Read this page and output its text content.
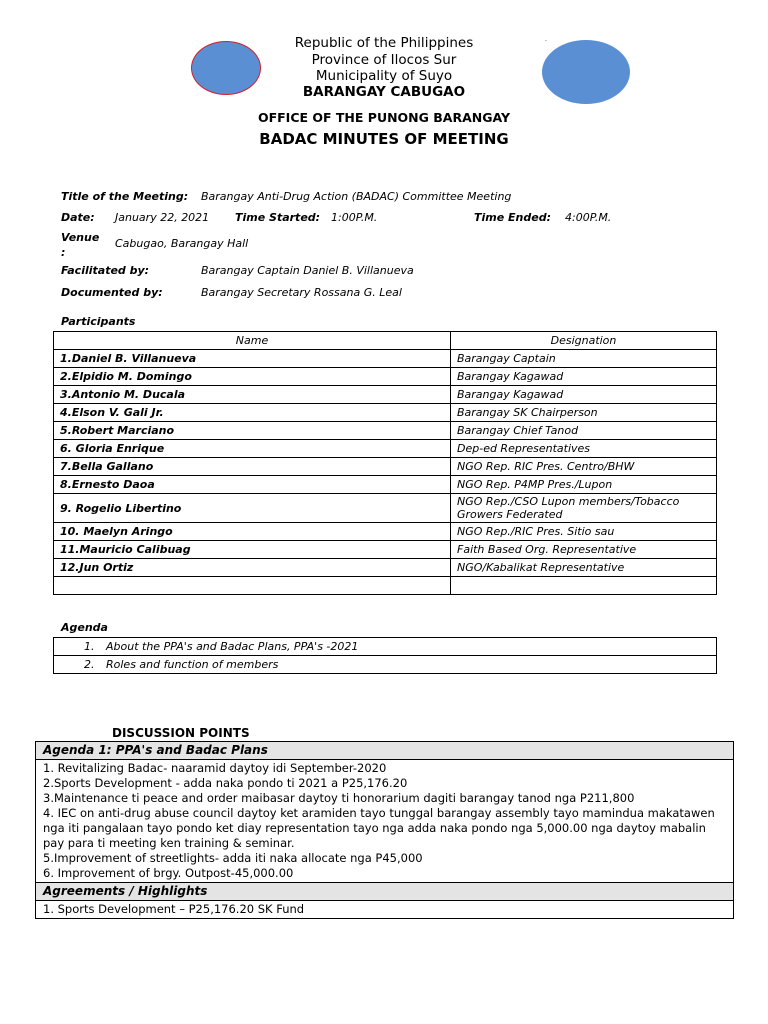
.
Republic of the Philippines
Province of Ilocos Sur
Municipality of Suyo
BARANGAY CABUGAO
OFFICE OF THE PUNONG BARANGAY
BADAC MINUTES OF MEETING
Title of the Meeting: Barangay Anti-Drug Action (BADAC) Committee Meeting
Date: January 22, 2021 Time Started: 1:00P.M.	Time Ended: 4:00P.M.
Venue
:
Cabugao, Barangay Hall
Facilitated by:	Barangay Captain Daniel B. Villanueva
Documented by:	Barangay Secretary Rossana G. Leal
Participants
Name	Designation
1.Daniel B. Villanueva	Barangay Captain
2.Elpidio M. Domingo	Barangay Kagawad
3.Antonio M. Ducala	Barangay Kagawad
4.Elson V. Gali Jr.	Barangay SK Chairperson
5.Robert Marciano	Barangay Chief Tanod
6. Gloria Enrique	Dep-ed Representatives
7.Bella Gallano	NGO Rep. RIC Pres. Centro/BHW
8.Ernesto Daoa	NGO Rep. P4MP Pres./Lupon
9. Rogelio Libertino	NGO Rep./CSO Lupon members/Tobacco Growers Federated
10. Maelyn Aringo	NGO Rep./RIC Pres. Sitio sau
11.Mauricio Calibuag	Faith Based Org. Representative
12.Jun Ortiz	NGO/Kabalikat Representative

Agenda
1. About the PPA's and Badac Plans, PPA's -2021
2. Roles and function of members
DISCUSSION POINTS
Agenda 1: PPA's and Badac Plans
1. Revitalizing Badac- naaramid daytoy idi September-2020
2.Sports Development - adda naka pondo ti 2021 a P25,176.20
3.Maintenance ti peace and order maibasar daytoy ti honorarium dagiti barangay tanod nga P211,800
4. IEC on anti-drug abuse council daytoy ket aramiden tayo tunggal barangay assembly tayo mamindua makatawen nga iti pangalaan tayo pondo ket diay representation tayo nga adda naka pondo nga 5,000.00 nga daytoy mabalin pay para ti meeting ken training & seminar.
5.Improvement of streetlights- adda iti naka allocate nga P45,000
6. Improvement of brgy. Outpost-45,000.00
Agreements / Highlights
1. Sports Development – P25,176.20 SK Fund
